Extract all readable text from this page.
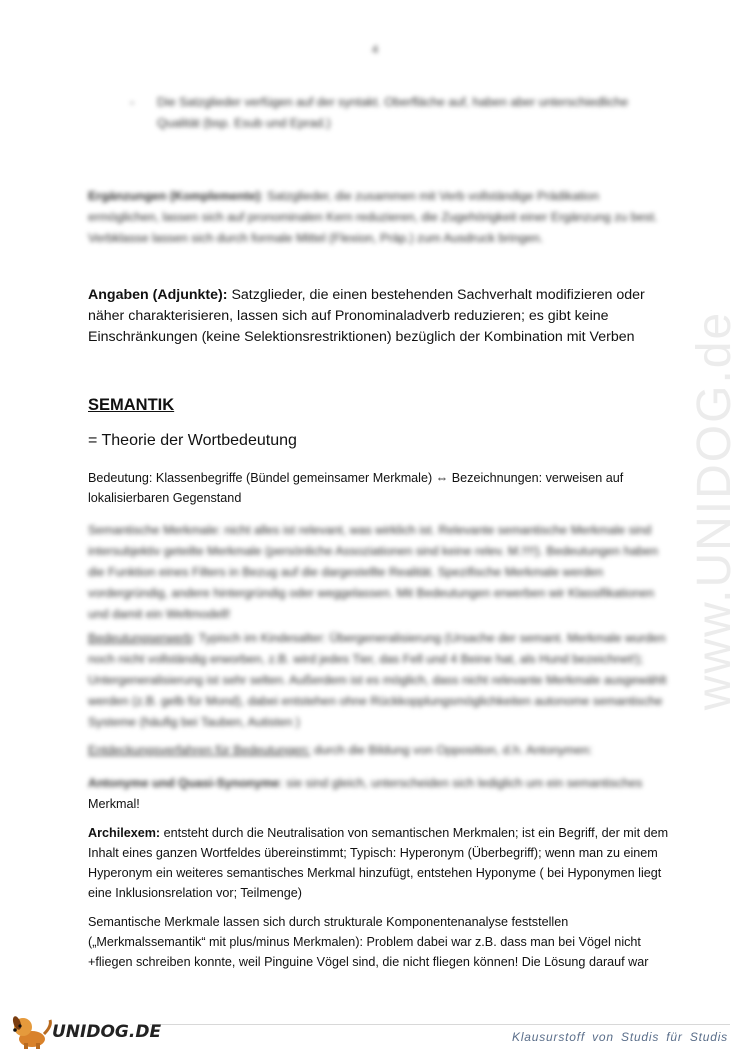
4
- Die Satzglieder verfügen auf der syntakt. Oberfläche auf, haben aber unterschiedliche Qualität (bsp. Esub und Eprad.)
Ergänzungen (Komplemente): Satzglieder, die zusammen mit Verb vollständige Prädikation ermöglichen, lassen sich auf pronominalen Kern reduzieren, die Zugehörigkeit einer Ergänzung zu best. Verbklasse lassen sich durch formale Mittel (Flexion, Präp.) zum Ausdruck bringen.
Angaben (Adjunkte): Satzglieder, die einen bestehenden Sachverhalt modifizieren oder näher charakterisieren, lassen sich auf Pronominaladverb reduzieren; es gibt keine Einschränkungen (keine Selektionsrestriktionen) bezüglich der Kombination mit Verben
SEMANTIK
= Theorie der Wortbedeutung
Bedeutung: Klassenbegriffe (Bündel gemeinsamer Merkmale) ⇔ Bezeichnungen: verweisen auf lokalisierbaren Gegenstand
Semantische Merkmale: nicht alles ist relevant, was wirklich ist. Relevante semantische Merkmale sind intersubjektiv geteilte Merkmale (persönliche Assoziationen sind keine relev. M.!!!!). Bedeutungen haben die Funktion eines Filters in Bezug auf die dargestellte Realität. Spezifische Merkmale werden vordergründig, andere hintergründig oder weggelassen. Mit Bedeutungen erwerben wir Klassifikationen und damit ein Weltmodell!
Bedeutungserwerb: Typisch im Kindesalter: Übergeneralisierung (Ursache der semant. Merkmale wurden noch nicht vollständig erworben, z.B. wird jedes Tier, das Fell und 4 Beine hat, als Hund bezeichnet!); Untergeneralisierung ist sehr selten. Außerdem ist es möglich, dass nicht relevante Merkmale ausgewählt werden (z.B. gelb für Mond), dabei entstehen ohne Rückkopplungsmöglichkeiten autonome semantische Systeme (häufig bei Tauben, Autisten )
Entdeckungsverfahren für Bedeutungen: durch die Bildung von Opposition, d.h. Antonymen:
Antonyme und Quasi-Synonyme: sie sind gleich, unterscheiden sich lediglich um ein semantisches
Merkmal!
Archilexem: entsteht durch die Neutralisation von semantischen Merkmalen; ist ein Begriff, der mit dem Inhalt eines ganzen Wortfeldes übereinstimmt; Typisch: Hyperonym (Überbegriff); wenn man zu einem Hyperonym ein weiteres semantisches Merkmal hinzufügt, entstehen Hyponyme ( bei Hyponymen liegt eine Inklusionsrelation vor; Teilmenge)
Semantische Merkmale lassen sich durch strukturale Komponentenanalyse feststellen („Merkmalssemantik“ mit plus/minus Merkmalen): Problem dabei war z.B. dass man bei Vögel nicht +fliegen schreiben konnte, weil Pinguine Vögel sind, die nicht fliegen können! Die Lösung darauf war
www.UNIDOG.de
UNIDOG.DE	Klausurstoff von Studis für Studis
